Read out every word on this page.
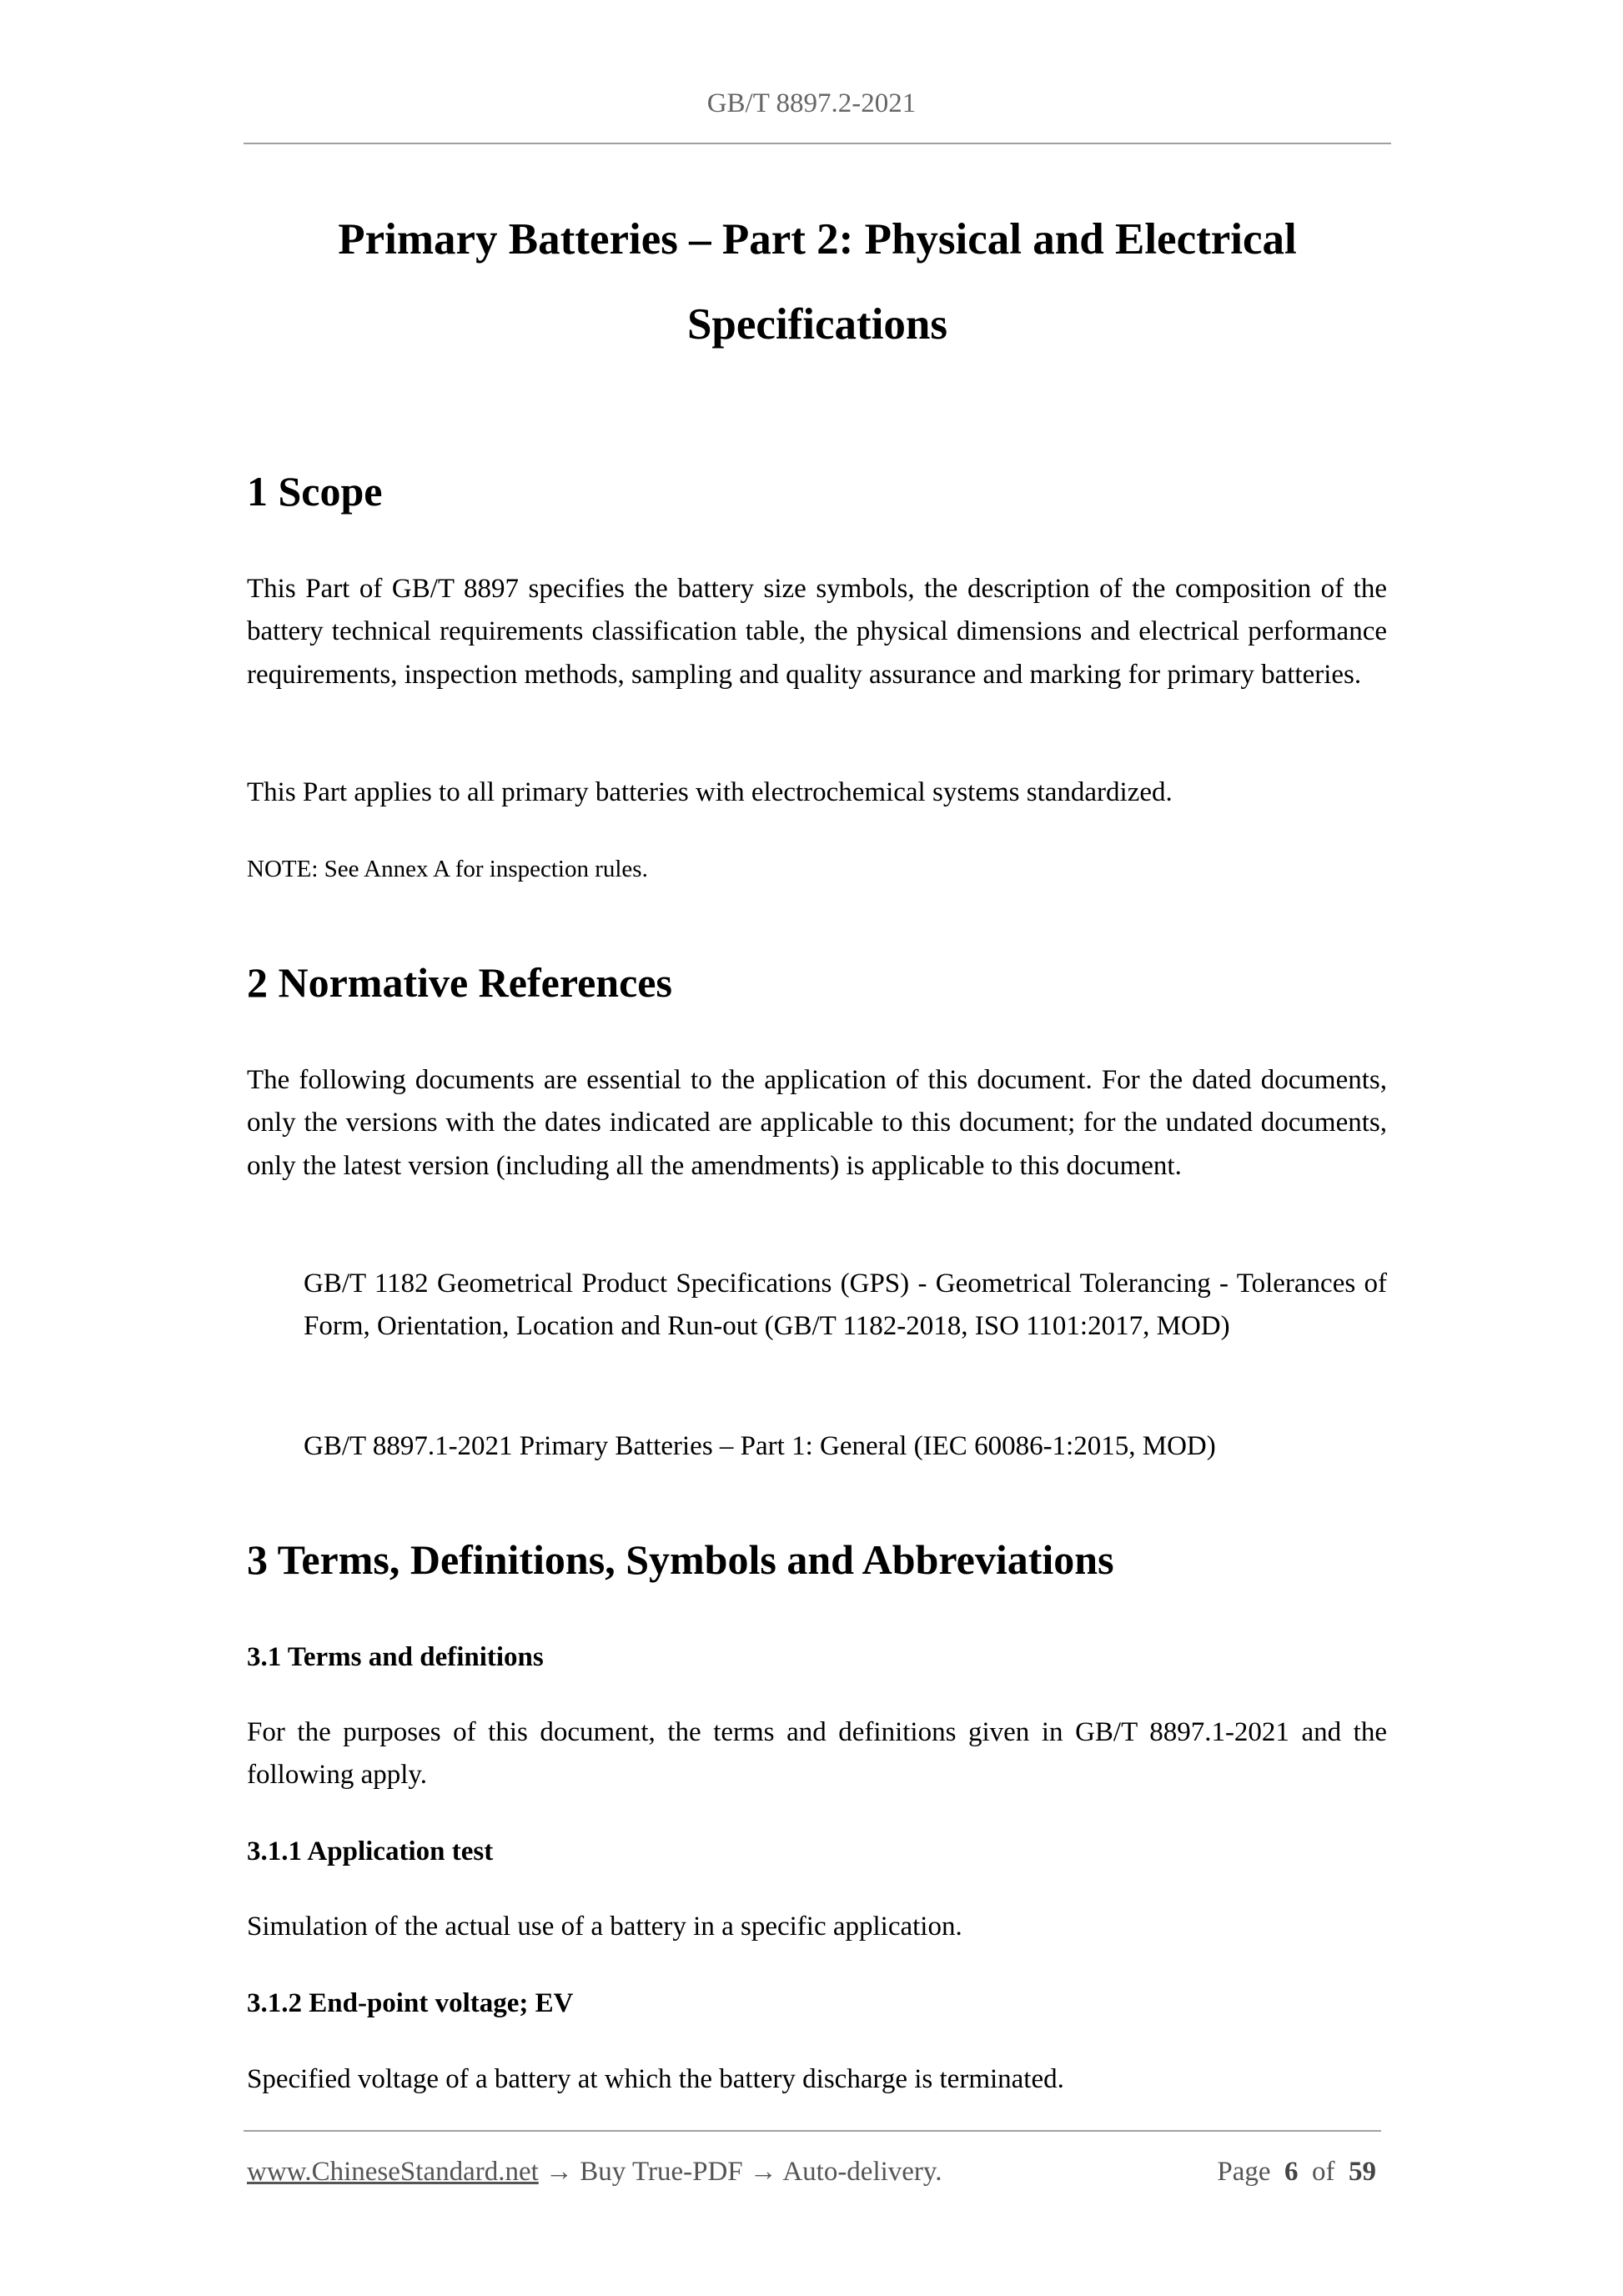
GB/T 8897.2-2021
Primary Batteries – Part 2: Physical and Electrical
Specifications
1 Scope
This Part of GB/T 8897 specifies the battery size symbols, the description of the composition of the battery technical requirements classification table, the physical dimensions and electrical performance requirements, inspection methods, sampling and quality assurance and marking for primary batteries.
This Part applies to all primary batteries with electrochemical systems standardized.
NOTE: See Annex A for inspection rules.
2 Normative References
The following documents are essential to the application of this document. For the dated documents, only the versions with the dates indicated are applicable to this document; for the undated documents, only the latest version (including all the amendments) is applicable to this document.
GB/T 1182 Geometrical Product Specifications (GPS) - Geometrical Tolerancing - Tolerances of Form, Orientation, Location and Run-out (GB/T 1182-2018, ISO 1101:2017, MOD)
GB/T 8897.1-2021 Primary Batteries – Part 1: General (IEC 60086-1:2015, MOD)
3 Terms, Definitions, Symbols and Abbreviations
3.1 Terms and definitions
For the purposes of this document, the terms and definitions given in GB/T 8897.1-2021 and the following apply.
3.1.1 Application test
Simulation of the actual use of a battery in a specific application.
3.1.2 End-point voltage; EV
Specified voltage of a battery at which the battery discharge is terminated.
www.ChineseStandard.net → Buy True-PDF → Auto-delivery.	Page 6 of 59
